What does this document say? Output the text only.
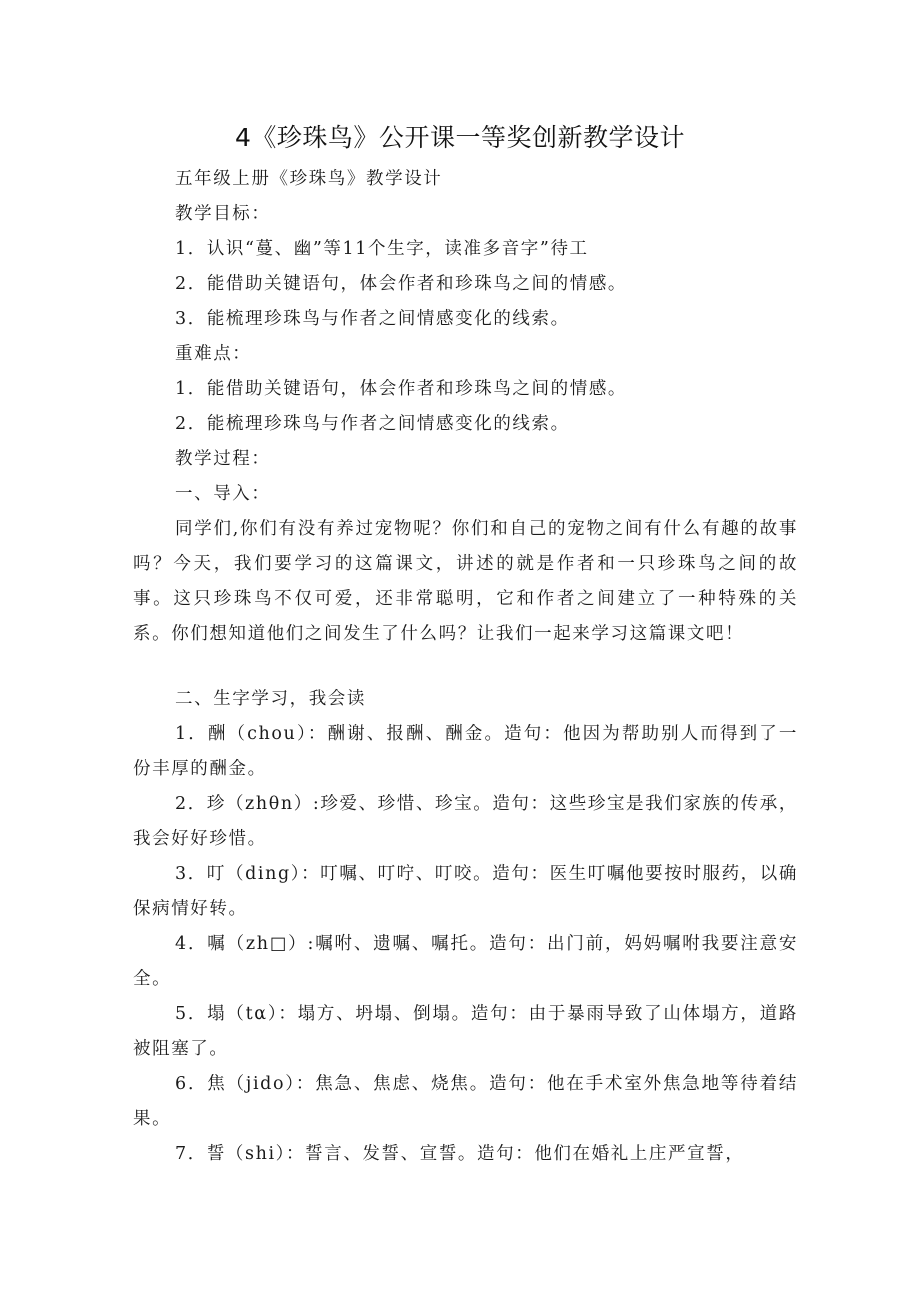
4《珍珠鸟》公开课一等奖创新教学设计
五年级上册《珍珠鸟》教学设计
教学目标：
1．认识“蔓、幽”等11个生字，读准多音字”待工
2．能借助关键语句，体会作者和珍珠鸟之间的情感。
3．能梳理珍珠鸟与作者之间情感变化的线索。
重难点：
1．能借助关键语句，体会作者和珍珠鸟之间的情感。
2．能梳理珍珠鸟与作者之间情感变化的线索。
教学过程：
一、导入：
同学们,你们有没有养过宠物呢？你们和自己的宠物之间有什么有趣的故事吗？今天，我们要学习的这篇课文，讲述的就是作者和一只珍珠鸟之间的故事。这只珍珠鸟不仅可爱，还非常聪明，它和作者之间建立了一种特殊的关系。你们想知道他们之间发生了什么吗？让我们一起来学习这篇课文吧！
二、生字学习，我会读
1．酬（chou）：酬谢、报酬、酬金。造句：他因为帮助别人而得到了一份丰厚的酬金。
2．珍（zhθn）:珍爱、珍惜、珍宝。造句：这些珍宝是我们家族的传承，我会好好珍惜。
3．叮（ding）：叮嘱、叮咛、叮咬。造句：医生叮嘱他要按时服药，以确保病情好转。
4．嘱（zh□）:嘱咐、遗嘱、嘱托。造句：出门前，妈妈嘱咐我要注意安全。
5．塌（tα）：塌方、坍塌、倒塌。造句：由于暴雨导致了山体塌方，道路被阻塞了。
6．焦（jido）：焦急、焦虑、烧焦。造句：他在手术室外焦急地等待着结果。
7．誓（shi）：誓言、发誓、宣誓。造句：他们在婚礼上庄严宣誓，
